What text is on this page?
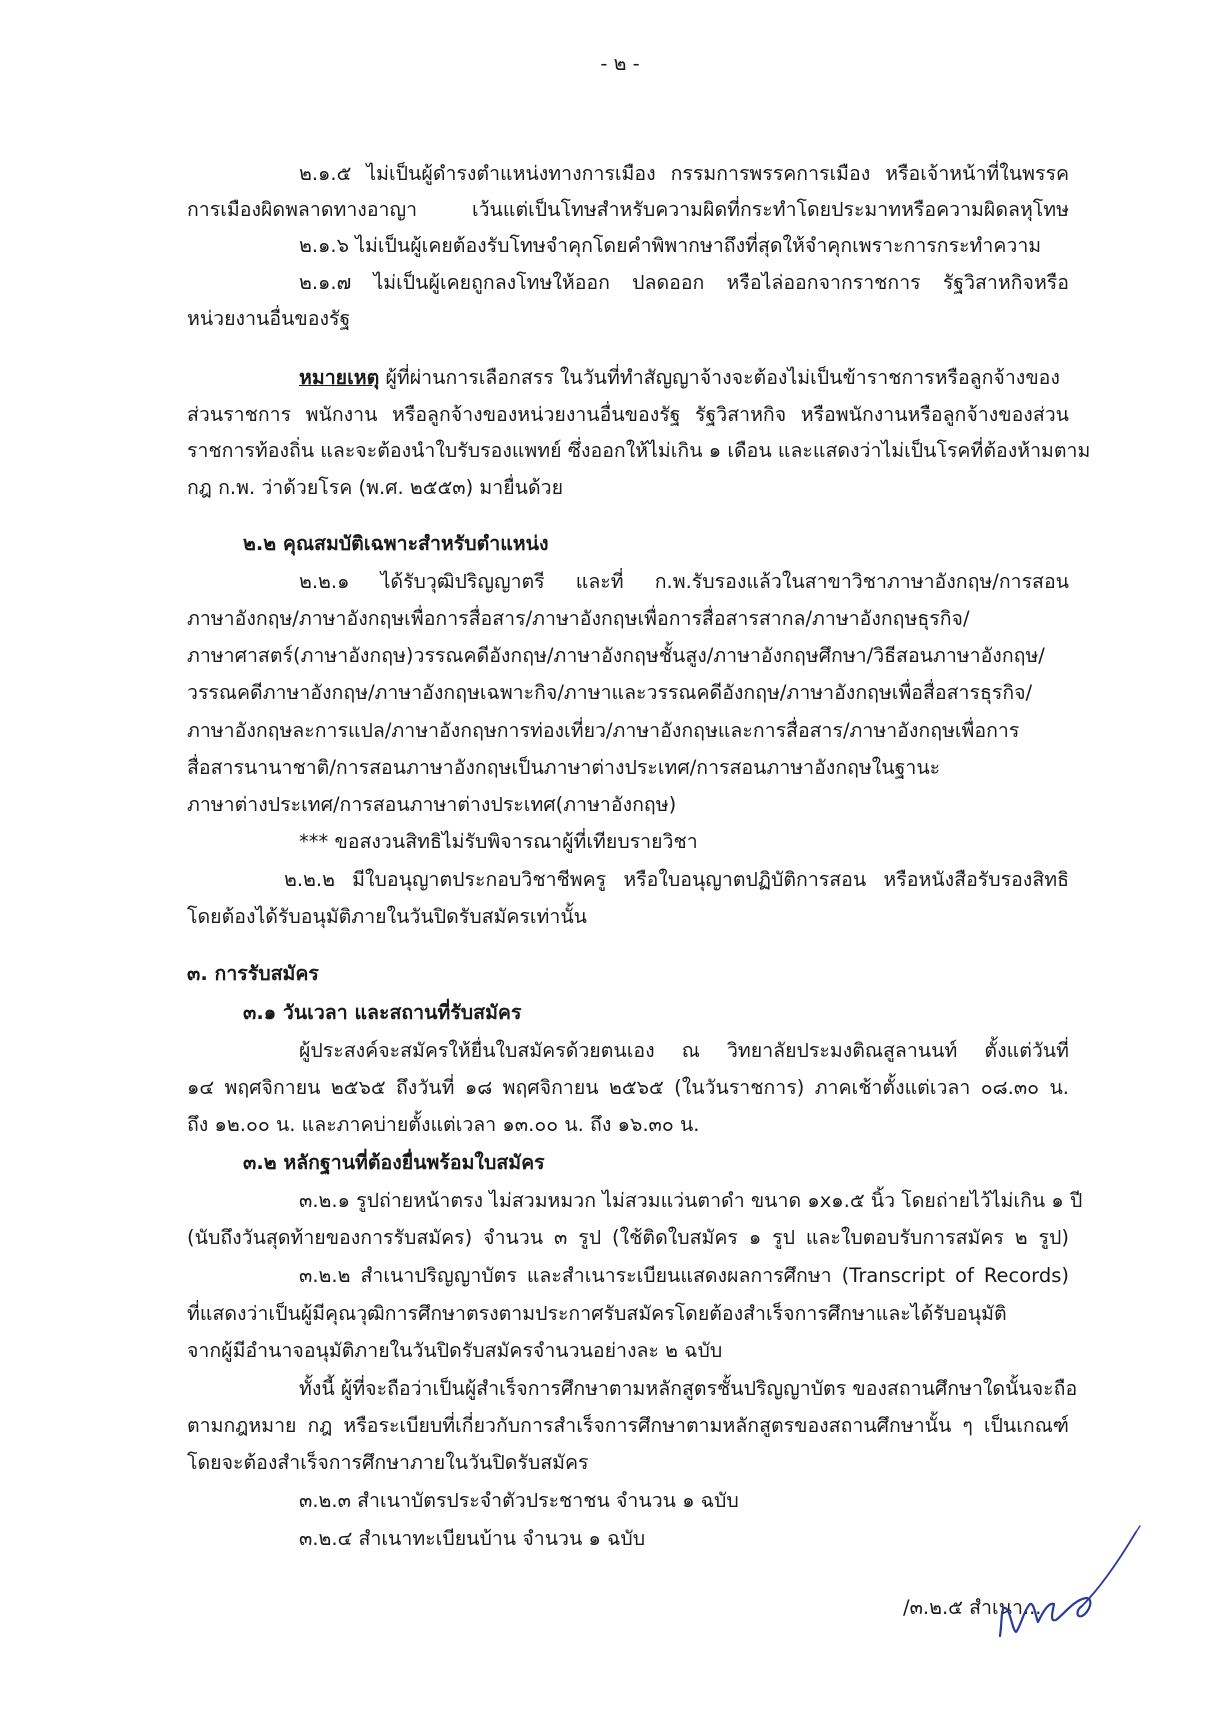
- ๒ -
๒.๑.๕ ไม่เป็นผู้ดำรงตำแหน่งทางการเมือง กรรมการพรรคการเมือง หรือเจ้าหน้าที่ในพรรค
การเมืองผิดพลาดทางอาญา เว้นแต่เป็นโทษสำหรับความผิดที่กระทำโดยประมาทหรือความผิดลหุโทษ
๒.๑.๖ ไม่เป็นผู้เคยต้องรับโทษจำคุกโดยคำพิพากษาถึงที่สุดให้จำคุกเพราะการกระทำความ
๒.๑.๗ ไม่เป็นผู้เคยถูกลงโทษให้ออก ปลดออก หรือไล่ออกจากราชการ รัฐวิสาหกิจหรือ
หน่วยงานอื่นของรัฐ
หมายเหตุ ผู้ที่ผ่านการเลือกสรร ในวันที่ทำสัญญาจ้างจะต้องไม่เป็นข้าราชการหรือลูกจ้างของ
ส่วนราชการ พนักงาน หรือลูกจ้างของหน่วยงานอื่นของรัฐ รัฐวิสาหกิจ หรือพนักงานหรือลูกจ้างของส่วน
ราชการท้องถิ่น และจะต้องนำใบรับรองแพทย์ ซึ่งออกให้ไม่เกิน ๑ เดือน และแสดงว่าไม่เป็นโรคที่ต้องห้ามตาม
กฎ ก.พ. ว่าด้วยโรค (พ.ศ. ๒๕๕๓) มายื่นด้วย
๒.๒ คุณสมบัติเฉพาะสำหรับตำแหน่ง
๒.๒.๑ ได้รับวุฒิปริญญาตรี และที่ ก.พ.รับรองแล้วในสาขาวิชาภาษาอังกฤษ/การสอน
ภาษาอังกฤษ/ภาษาอังกฤษเพื่อการสื่อสาร/ภาษาอังกฤษเพื่อการสื่อสารสากล/ภาษาอังกฤษธุรกิจ/
ภาษาศาสตร์(ภาษาอังกฤษ)วรรณคดีอังกฤษ/ภาษาอังกฤษชั้นสูง/ภาษาอังกฤษศึกษา/วิธีสอนภาษาอังกฤษ/
วรรณคดีภาษาอังกฤษ/ภาษาอังกฤษเฉพาะกิจ/ภาษาและวรรณคดีอังกฤษ/ภาษาอังกฤษเพื่อสื่อสารธุรกิจ/
ภาษาอังกฤษละการแปล/ภาษาอังกฤษการท่องเที่ยว/ภาษาอังกฤษและการสื่อสาร/ภาษาอังกฤษเพื่อการ
สื่อสารนานาชาติ/การสอนภาษาอังกฤษเป็นภาษาต่างประเทศ/การสอนภาษาอังกฤษในฐานะ
ภาษาต่างประเทศ/การสอนภาษาต่างประเทศ(ภาษาอังกฤษ)
*** ขอสงวนสิทธิไม่รับพิจารณาผู้ที่เทียบรายวิชา
๒.๒.๒ มีใบอนุญาตประกอบวิชาชีพครู หรือใบอนุญาตปฏิบัติการสอน หรือหนังสือรับรองสิทธิ
โดยต้องได้รับอนุมัติภายในวันปิดรับสมัครเท่านั้น
๓. การรับสมัคร
๓.๑ วันเวลา และสถานที่รับสมัคร
ผู้ประสงค์จะสมัครให้ยื่นใบสมัครด้วยตนเอง ณ วิทยาลัยประมงติณสูลานนท์ ตั้งแต่วันที่
๑๔ พฤศจิกายน ๒๕๖๕ ถึงวันที่ ๑๘ พฤศจิกายน ๒๕๖๕ (ในวันราชการ) ภาคเช้าตั้งแต่เวลา ๐๘.๓๐ น.
ถึง ๑๒.๐๐ น. และภาคบ่ายตั้งแต่เวลา ๑๓.๐๐ น. ถึง ๑๖.๓๐ น.
๓.๒ หลักฐานที่ต้องยื่นพร้อมใบสมัคร
๓.๒.๑ รูปถ่ายหน้าตรง ไม่สวมหมวก ไม่สวมแว่นตาดำ ขนาด ๑x๑.๕ นิ้ว โดยถ่ายไว้ไม่เกิน ๑ ปี
(นับถึงวันสุดท้ายของการรับสมัคร) จำนวน ๓ รูป (ใช้ติดใบสมัคร ๑ รูป และใบตอบรับการสมัคร ๒ รูป)
๓.๒.๒ สำเนาปริญญาบัตร และสำเนาระเบียนแสดงผลการศึกษา (Transcript of Records)
ที่แสดงว่าเป็นผู้มีคุณวุฒิการศึกษาตรงตามประกาศรับสมัครโดยต้องสำเร็จการศึกษาและได้รับอนุมัติ
จากผู้มีอำนาจอนุมัติภายในวันปิดรับสมัครจำนวนอย่างละ ๒ ฉบับ
ทั้งนี้ ผู้ที่จะถือว่าเป็นผู้สำเร็จการศึกษาตามหลักสูตรชั้นปริญญาบัตร ของสถานศึกษาใดนั้นจะถือ
ตามกฎหมาย กฎ หรือระเบียบที่เกี่ยวกับการสำเร็จการศึกษาตามหลักสูตรของสถานศึกษานั้น ๆ เป็นเกณฑ์
โดยจะต้องสำเร็จการศึกษาภายในวันปิดรับสมัคร
๓.๒.๓ สำเนาบัตรประจำตัวประชาชน จำนวน ๑ ฉบับ
๓.๒.๔ สำเนาทะเบียนบ้าน จำนวน ๑ ฉบับ
/๓.๒.๕ สำเนา...
